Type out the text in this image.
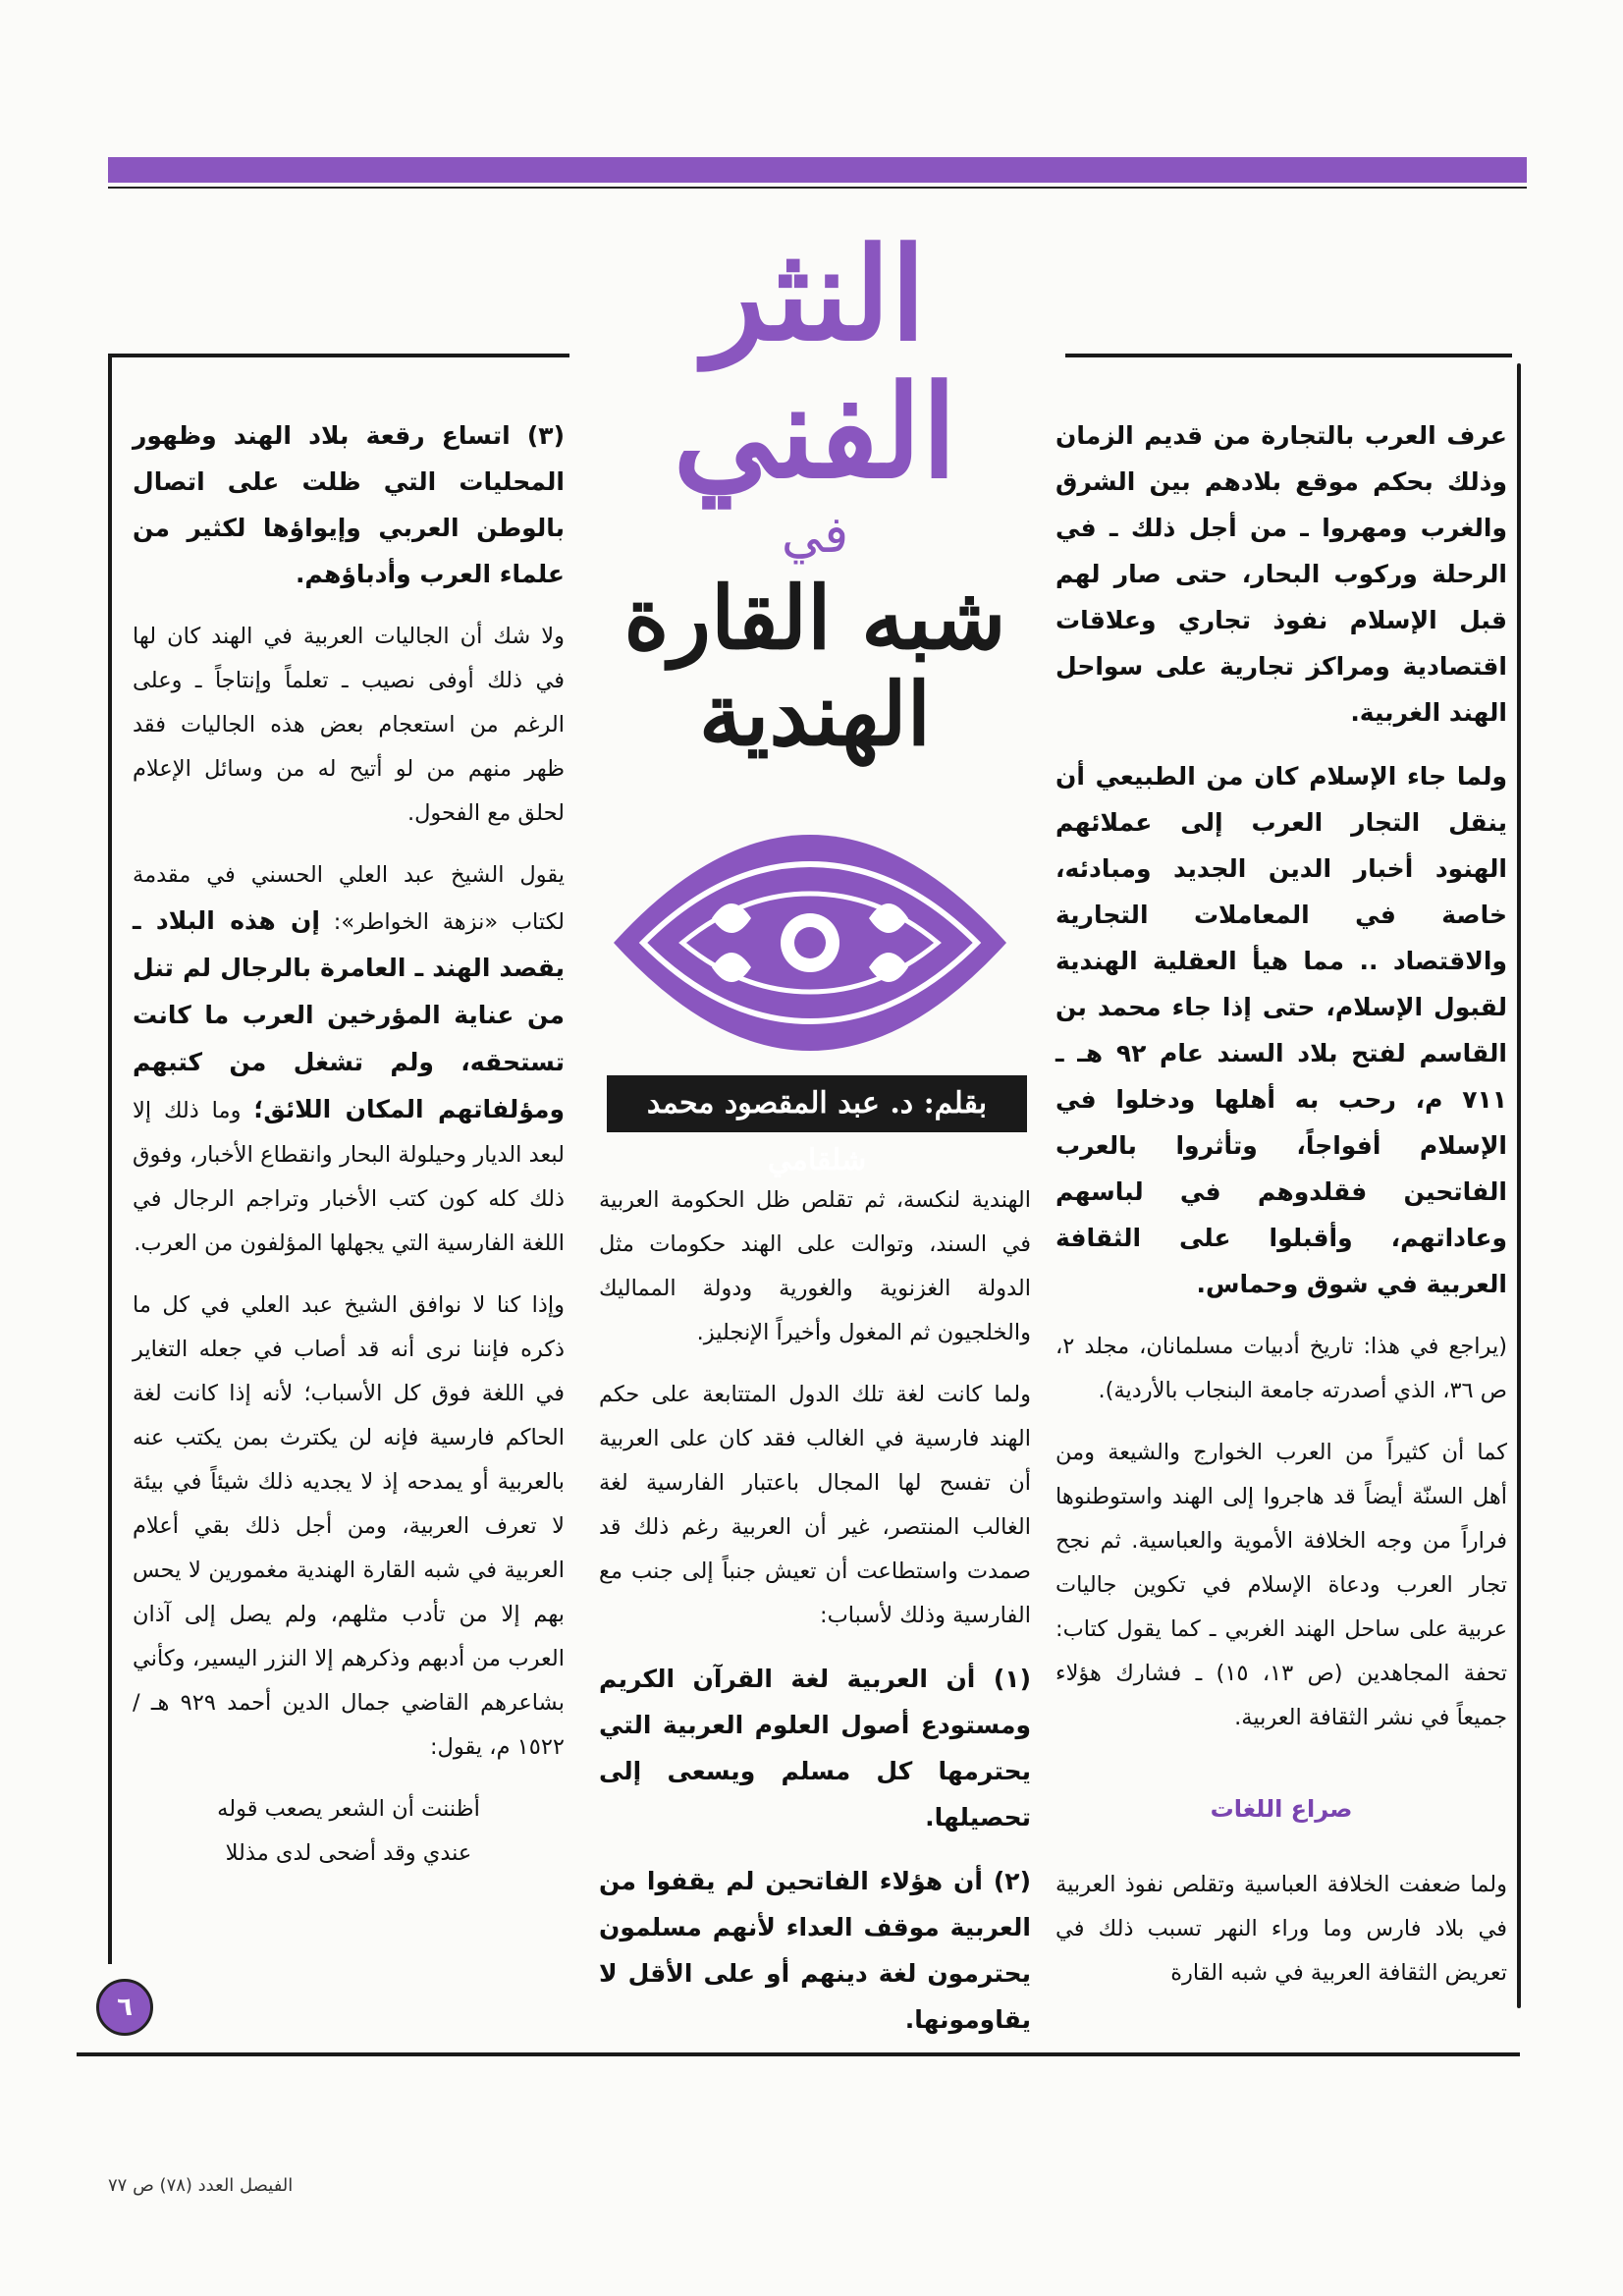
النثر
الفني
في
شبه القارة
الهندية
بقلم: د. عبد المقصود محمد شلقامي

عرف العرب بالتجارة من قديم الزمان وذلك بحكم موقع بلادهم بين الشرق والغرب ومهروا ـ من أجل ذلك ـ في الرحلة وركوب البحار، حتى صار لهم قبل الإسلام نفوذ تجاري وعلاقات اقتصادية ومراكز تجارية على سواحل الهند الغربية.

ولما جاء الإسلام كان من الطبيعي أن ينقل التجار العرب إلى عملائهم الهنود أخبار الدين الجديد ومبادئه، خاصة في المعاملات التجارية والاقتصاد .. مما هيأ العقلية الهندية لقبول الإسلام، حتى إذا جاء محمد بن القاسم لفتح بلاد السند عام ٩٢ هـ ـ ٧١١ م، رحب به أهلها ودخلوا في الإسلام أفواجاً، وتأثروا بالعرب الفاتحين فقلدوهم في لباسهم وعاداتهم، وأقبلوا على الثقافة العربية في شوق وحماس.

(يراجع في هذا: تاريخ أدبيات مسلمانان، مجلد ٢، ص ٣٦، الذي أصدرته جامعة البنجاب بالأردية).

كما أن كثيراً من العرب الخوارج والشيعة ومن أهل السنّة أيضاً قد هاجروا إلى الهند واستوطنوها فراراً من وجه الخلافة الأموية والعباسية. ثم نجح تجار العرب ودعاة الإسلام في تكوين جاليات عربية على ساحل الهند الغربي ـ كما يقول كتاب: تحفة المجاهدين (ص ١٣، ١٥) ـ فشارك هؤلاء جميعاً في نشر الثقافة العربية.

صراع اللغات

ولما ضعفت الخلافة العباسية وتقلص نفوذ العربية في بلاد فارس وما وراء النهر تسبب ذلك في تعريض الثقافة العربية في شبه القارة

الهندية لنكسة، ثم تقلص ظل الحكومة العربية في السند، وتوالت على الهند حكومات مثل الدولة الغزنوية والغورية ودولة المماليك والخلجيون ثم المغول وأخيراً الإنجليز.

ولما كانت لغة تلك الدول المتتابعة على حكم الهند فارسية في الغالب فقد كان على العربية أن تفسح لها المجال باعتبار الفارسية لغة الغالب المنتصر، غير أن العربية رغم ذلك قد صمدت واستطاعت أن تعيش جنباً إلى جنب مع الفارسية وذلك لأسباب:

(١) أن العربية لغة القرآن الكريم ومستودع أصول العلوم العربية التي يحترمها كل مسلم ويسعى إلى تحصيلها.

(٢) أن هؤلاء الفاتحين لم يقفوا من العربية موقف العداء لأنهم مسلمون يحترمون لغة دينهم أو على الأقل لا يقاومونها.

(٣) اتساع رقعة بلاد الهند وظهور المحليات التي ظلت على اتصال بالوطن العربي وإيواؤها لكثير من علماء العرب وأدباؤهم.

ولا شك أن الجاليات العربية في الهند كان لها في ذلك أوفى نصيب ـ تعلماً وإنتاجاً ـ وعلى الرغم من استعجام بعض هذه الجاليات فقد ظهر منهم من لو أتيح له من وسائل الإعلام لحلق مع الفحول.

يقول الشيخ عبد العلي الحسني في مقدمة لكتاب «نزهة الخواطر»: إن هذه البلاد ـ يقصد الهند ـ العامرة بالرجال لم تنل من عناية المؤرخين العرب ما كانت تستحقه، ولم تشغل من كتبهم ومؤلفاتهم المكان اللائق؛ وما ذلك إلا لبعد الديار وحيلولة البحار وانقطاع الأخبار، وفوق ذلك كله كون كتب الأخبار وتراجم الرجال في اللغة الفارسية التي يجهلها المؤلفون من العرب.

وإذا كنا لا نوافق الشيخ عبد العلي في كل ما ذكره فإننا نرى أنه قد أصاب في جعله التغاير في اللغة فوق كل الأسباب؛ لأنه إذا كانت لغة الحاكم فارسية فإنه لن يكترث بمن يكتب عنه بالعربية أو يمدحه إذ لا يجديه ذلك شيئاً في بيئة لا تعرف العربية، ومن أجل ذلك بقي أعلام العربية في شبه القارة الهندية مغمورين لا يحس بهم إلا من تأدب مثلهم، ولم يصل إلى آذان العرب من أدبهم وذكرهم إلا النزر اليسير، وكأني بشاعرهم القاضي جمال الدين أحمد ٩٢٩ هـ / ١٥٢٢ م، يقول:

أظننت أن الشعر يصعب قوله

عندي وقد أضحى لدى مذللا

٦
الفيصل العدد (٧٨) ص ٧٧
